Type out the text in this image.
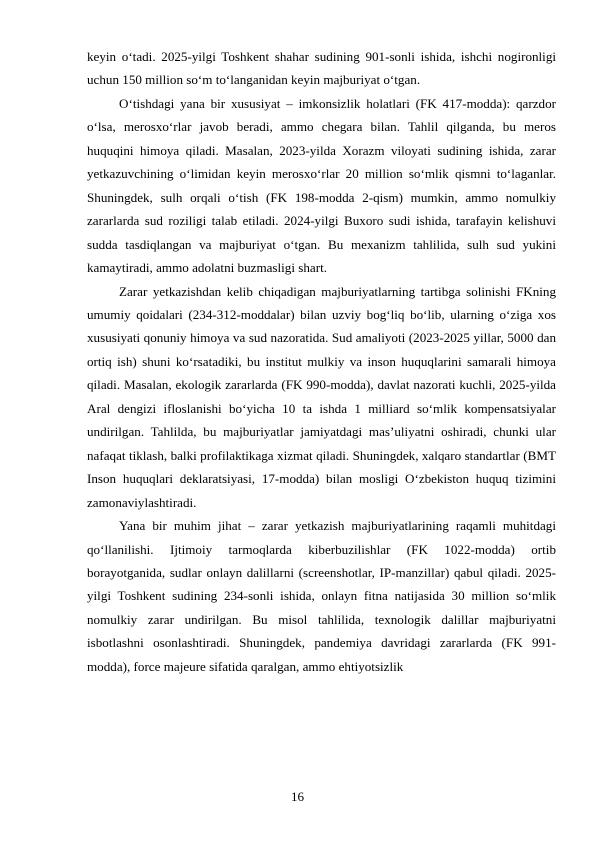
keyin o‘tadi. 2025-yilgi Toshkent shahar sudining 901-sonli ishida, ishchi nogironligi uchun 150 million so‘m to‘langanidan keyin majburiyat o‘tgan.

O‘tishdagi yana bir xususiyat – imkonsizlik holatlari (FK 417-modda): qarzdor o‘lsa, merosxo‘rlar javob beradi, ammo chegara bilan. Tahlil qilganda, bu meros huquqini himoya qiladi. Masalan, 2023-yilda Xorazm viloyati sudining ishida, zarar yetkazuvchining o‘limidan keyin merosxo‘rlar 20 million so‘mlik qismni to‘laganlar. Shuningdek, sulh orqali o‘tish (FK 198-modda 2-qism) mumkin, ammo nomulkiy zararlarda sud roziligi talab etiladi. 2024-yilgi Buxoro sudi ishida, tarafayin kelishuvi sudda tasdiqlangan va majburiyat o‘tgan. Bu mexanizm tahlilida, sulh sud yukini kamaytiradi, ammo adolatni buzmasligi shart.

Zarar yetkazishdan kelib chiqadigan majburiyatlarning tartibga solinishi FKning umumiy qoidalari (234-312-moddalar) bilan uzviy bog‘liq bo‘lib, ularning o‘ziga xos xususiyati qonuniy himoya va sud nazoratida. Sud amaliyoti (2023-2025 yillar, 5000 dan ortiq ish) shuni ko‘rsatadiki, bu institut mulkiy va inson huquqlarini samarali himoya qiladi. Masalan, ekologik zararlarda (FK 990-modda), davlat nazorati kuchli, 2025-yilda Aral dengizi ifloslanishi bo‘yicha 10 ta ishda 1 milliard so‘mlik kompensatsiyalar undirilgan. Tahlilda, bu majburiyatlar jamiyatdagi mas’uliyatni oshiradi, chunki ular nafaqat tiklash, balki profilaktikaga xizmat qiladi. Shuningdek, xalqaro standartlar (BMT Inson huquqlari deklaratsiyasi, 17-modda) bilan mosligi O‘zbekiston huquq tizimini zamonaviylashtiradi.

Yana bir muhim jihat – zarar yetkazish majburiyatlarining raqamli muhitdagi qo‘llanilishi. Ijtimoiy tarmoqlarda kiberbuzilishlar (FK 1022-modda) ortib borayotganida, sudlar onlayn dalillarni (screenshotlar, IP-manzillar) qabul qiladi. 2025-yilgi Toshkent sudining 234-sonli ishida, onlayn fitna natijasida 30 million so‘mlik nomulkiy zarar undirilgan. Bu misol tahlilida, texnologik dalillar majburiyatni isbotlashni osonlashtiradi. Shuningdek, pandemiya davridagi zararlarda (FK 991-modda), force majeure sifatida qaralgan, ammo ehtiyotsizlik

16
